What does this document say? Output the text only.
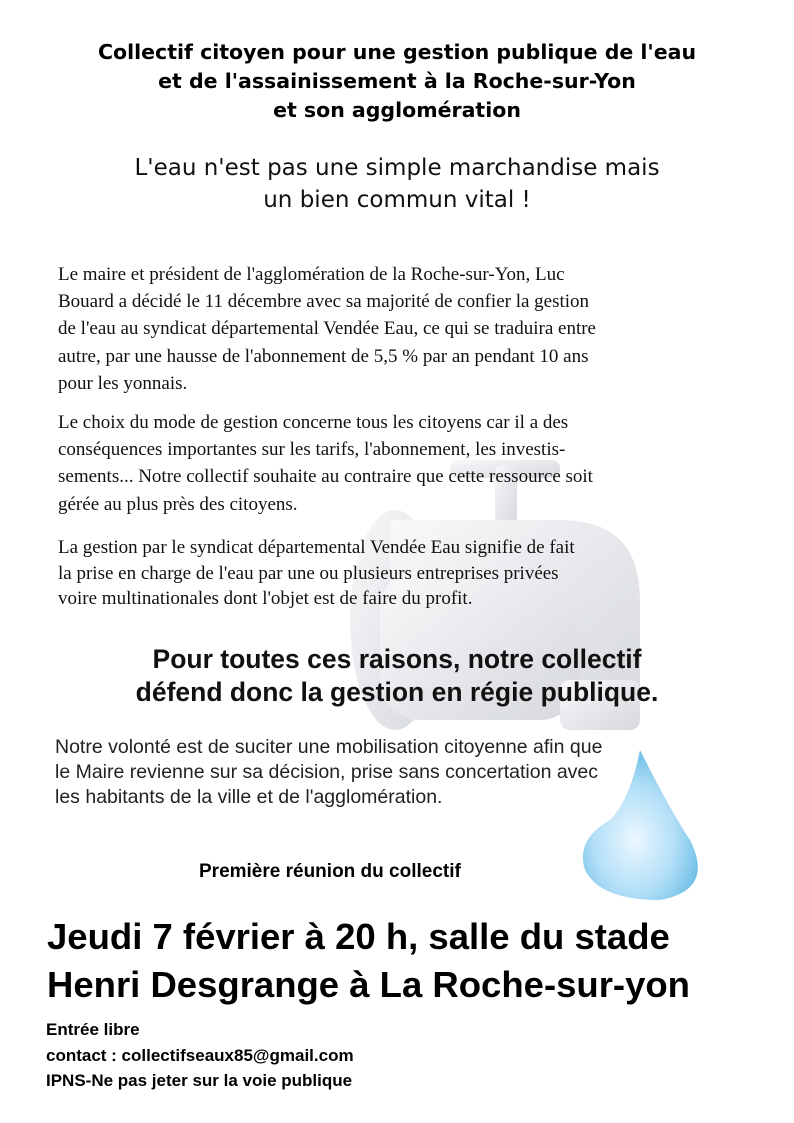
Collectif citoyen pour une gestion publique de l'eau
et de l'assainissement à la Roche-sur-Yon
et son agglomération
L'eau n'est pas une simple marchandise mais
un bien commun vital !
Le maire et président de l'agglomération de la Roche-sur-Yon, Luc
Bouard a décidé le 11 décembre avec sa majorité de confier la gestion
de l'eau au syndicat départemental Vendée Eau, ce qui se traduira entre
autre, par une hausse de l'abonnement de 5,5 % par an pendant 10 ans
pour les yonnais.
Le choix du mode de gestion concerne tous les citoyens car il a des
conséquences importantes sur les tarifs, l'abonnement, les investis-
sements... Notre collectif souhaite au contraire que cette ressource soit
gérée au plus près des citoyens.
La gestion par le syndicat départemental Vendée Eau signifie de fait
la prise en charge de l'eau par une ou plusieurs entreprises privées
voire multinationales dont l'objet est de faire du profit.
Pour toutes ces raisons, notre collectif
défend donc la gestion en régie publique.
Notre volonté est de suciter une mobilisation citoyenne afin que
le Maire revienne sur sa décision, prise sans concertation avec
les habitants de la ville et de l'agglomération.
Première réunion du collectif
Jeudi 7 février à 20 h, salle du stade
Henri Desgrange à La Roche-sur-yon
Entrée libre
contact : collectifseaux85@gmail.com
IPNS-Ne pas jeter sur la voie publique
